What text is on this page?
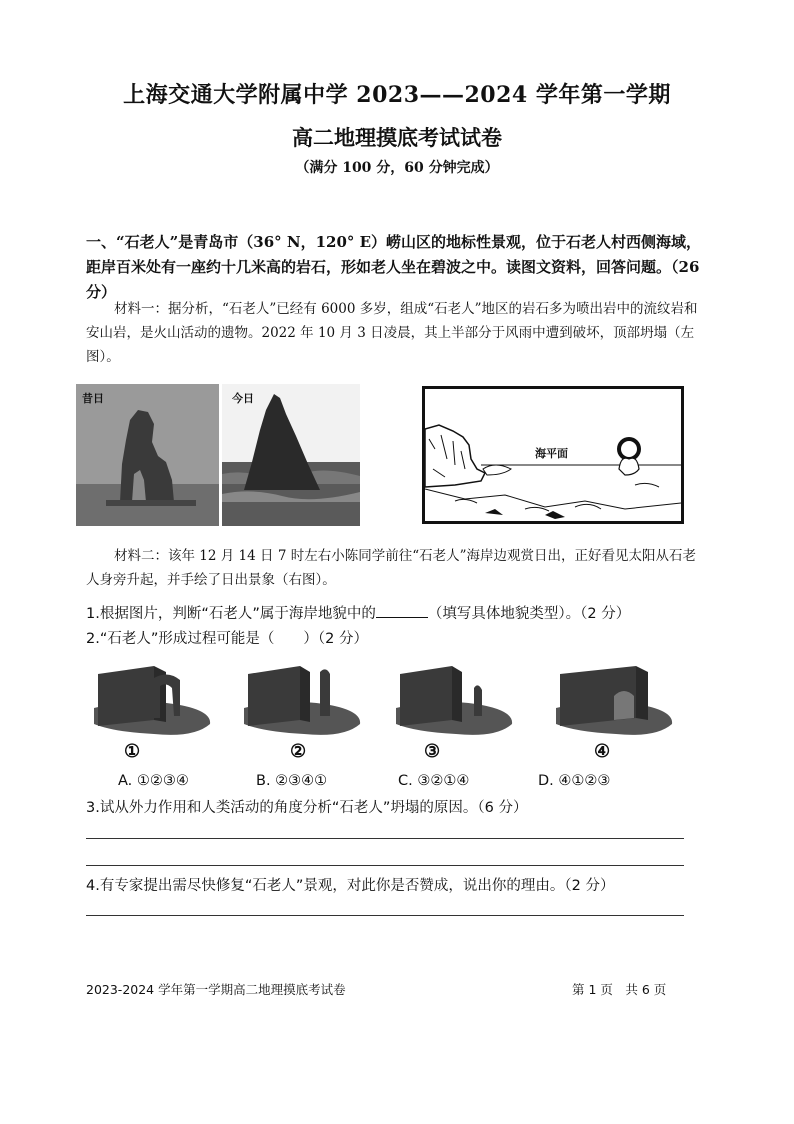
上海交通大学附属中学 2023——2024 学年第一学期
高二地理摸底考试试卷
（满分 100 分，60 分钟完成）
一、“石老人”是青岛市（36° N，120° E）崂山区的地标性景观，位于石老人村西侧海域，距岸百米处有一座约十几米高的岩石，形如老人坐在碧波之中。读图文资料，回答问题。（26 分）
材料一：据分析，“石老人”已经有 6000 多岁，组成“石老人”地区的岩石多为喷出岩中的流纹岩和安山岩，是火山活动的遗物。2022 年 10 月 3 日凌晨，其上半部分于风雨中遭到破坏，顶部坍塌（左图）。
昔日	今日
海平面
材料二：该年 12 月 14 日 7 时左右小陈同学前往“石老人”海岸边观赏日出，正好看见太阳从石老人身旁升起，并手绘了日出景象（右图）。
1.根据图片，判断“石老人”属于海岸地貌中的	（填写具体地貌类型）。（2 分）
2.“石老人”形成过程可能是（　　）（2 分）
①	②	③	④
A. ①②③④	B. ②③④①	C. ③②①④	D. ④①②③
3.试从外力作用和人类活动的角度分析“石老人”坍塌的原因。（6 分）
4.有专家提出需尽快修复“石老人”景观，对此你是否赞成，说出你的理由。（2 分）
2023-2024 学年第一学期高二地理摸底考试卷	第 1 页　共 6 页
